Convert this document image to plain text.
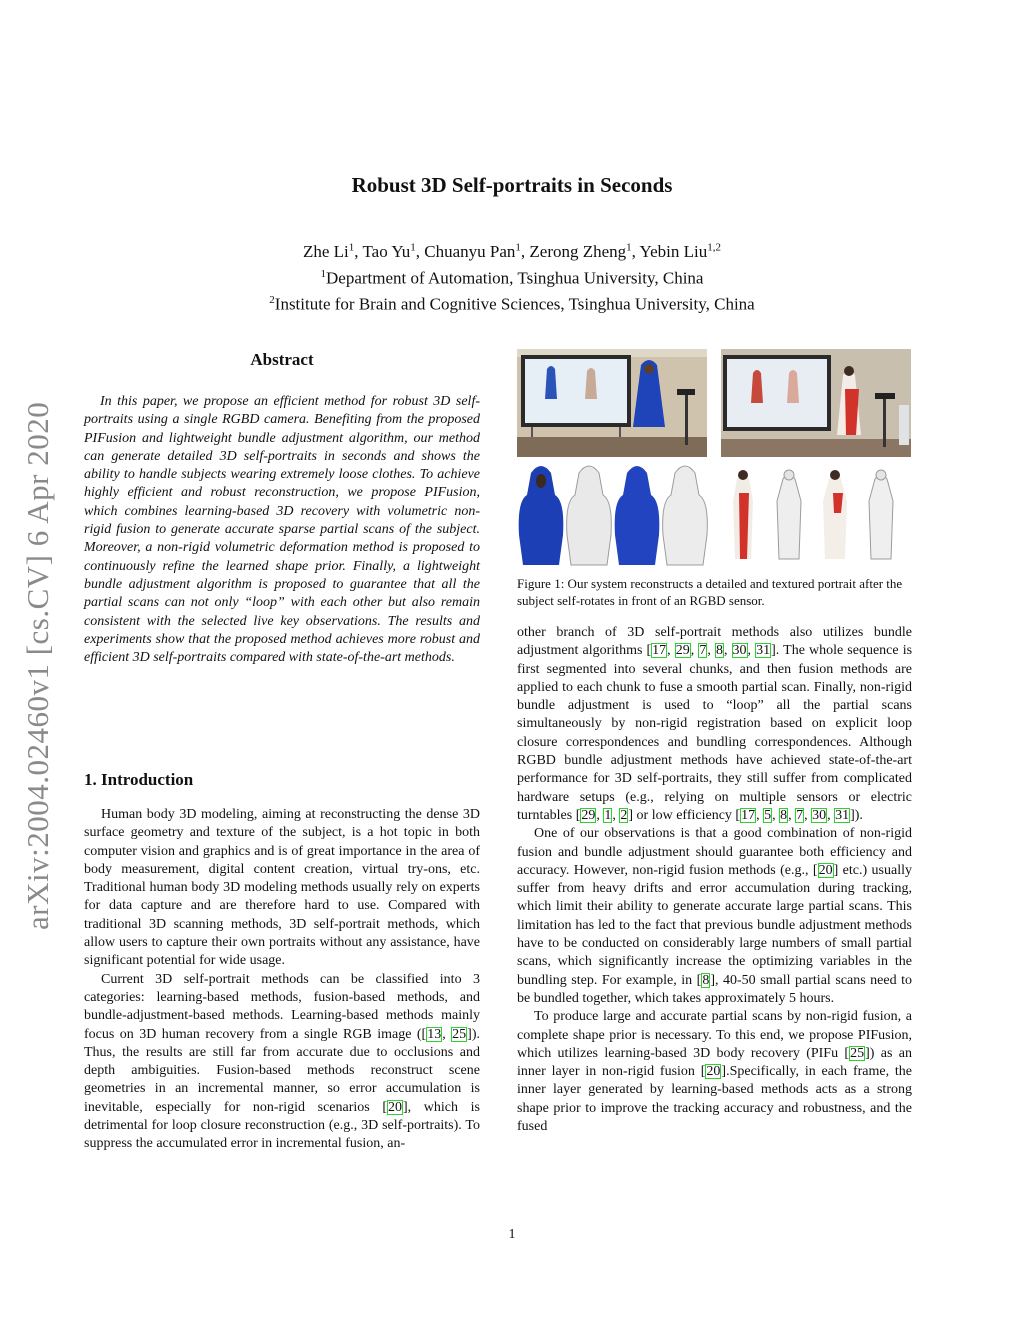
arXiv:2004.02460v1 [cs.CV] 6 Apr 2020
Robust 3D Self-portraits in Seconds
Zhe Li$^1$, Tao Yu$^1$, Chuanyu Pan$^1$, Zerong Zheng$^1$, Yebin Liu$^{1,2}$
$^1$Department of Automation, Tsinghua University, China
$^2$Institute for Brain and Cognitive Sciences, Tsinghua University, China
Abstract

In this paper, we propose an efficient method for robust 3D self-portraits using a single RGBD camera. Benefiting from the proposed PIFusion and lightweight bundle adjustment algorithm, our method can generate detailed 3D self-portraits in seconds and shows the ability to handle subjects wearing extremely loose clothes. To achieve highly efficient and robust reconstruction, we propose PIFusion, which combines learning-based 3D recovery with volumetric non-rigid fusion to generate accurate sparse partial scans of the subject. Moreover, a non-rigid volumetric deformation method is proposed to continuously refine the learned shape prior. Finally, a lightweight bundle adjustment algorithm is proposed to guarantee that all the partial scans can not only “loop” with each other but also remain consistent with the selected live key observations. The results and experiments show that the proposed method achieves more robust and efficient 3D self-portraits compared with state-of-the-art methods.

1. Introduction

Human body 3D modeling, aiming at reconstructing the dense 3D surface geometry and texture of the subject, is a hot topic in both computer vision and graphics and is of great importance in the area of body measurement, digital content creation, virtual try-ons, etc. Traditional human body 3D modeling methods usually rely on experts for data capture and are therefore hard to use. Compared with traditional 3D scanning methods, 3D self-portrait methods, which allow users to capture their own portraits without any assistance, have significant potential for wide usage.

Current 3D self-portrait methods can be classified into 3 categories: learning-based methods, fusion-based methods, and bundle-adjustment-based methods. Learning-based methods mainly focus on 3D human recovery from a single RGB image ([13, 25]). Thus, the results are still far from accurate due to occlusions and depth ambiguities. Fusion-based methods reconstruct scene geometries in an incremental manner, so error accumulation is inevitable, especially for non-rigid scenarios [20], which is detrimental for loop closure reconstruction (e.g., 3D self-portraits). To suppress the accumulated error in incremental fusion, an-

Figure 1: Our system reconstructs a detailed and textured portrait after the subject self-rotates in front of an RGBD sensor.

other branch of 3D self-portrait methods also utilizes bundle adjustment algorithms [17, 29, 7, 8, 30, 31]. The whole sequence is first segmented into several chunks, and then fusion methods are applied to each chunk to fuse a smooth partial scan. Finally, non-rigid bundle adjustment is used to “loop” all the partial scans simultaneously by non-rigid registration based on explicit loop closure correspondences and bundling correspondences. Although RGBD bundle adjustment methods have achieved state-of-the-art performance for 3D self-portraits, they still suffer from complicated hardware setups (e.g., relying on multiple sensors or electric turntables [29, 1, 2] or low efficiency [17, 5, 8, 7, 30, 31]).

One of our observations is that a good combination of non-rigid fusion and bundle adjustment should guarantee both efficiency and accuracy. However, non-rigid fusion methods (e.g., [20] etc.) usually suffer from heavy drifts and error accumulation during tracking, which limit their ability to generate accurate large partial scans. This limitation has led to the fact that previous bundle adjustment methods have to be conducted on considerably large numbers of small partial scans, which significantly increase the optimizing variables in the bundling step. For example, in [8], 40-50 small partial scans need to be bundled together, which takes approximately 5 hours.

To produce large and accurate partial scans by non-rigid fusion, a complete shape prior is necessary. To this end, we propose PIFusion, which utilizes learning-based 3D body recovery (PIFu [25]) as an inner layer in non-rigid fusion [20].Specifically, in each frame, the inner layer generated by learning-based methods acts as a strong shape prior to improve the tracking accuracy and robustness, and the fused

1
